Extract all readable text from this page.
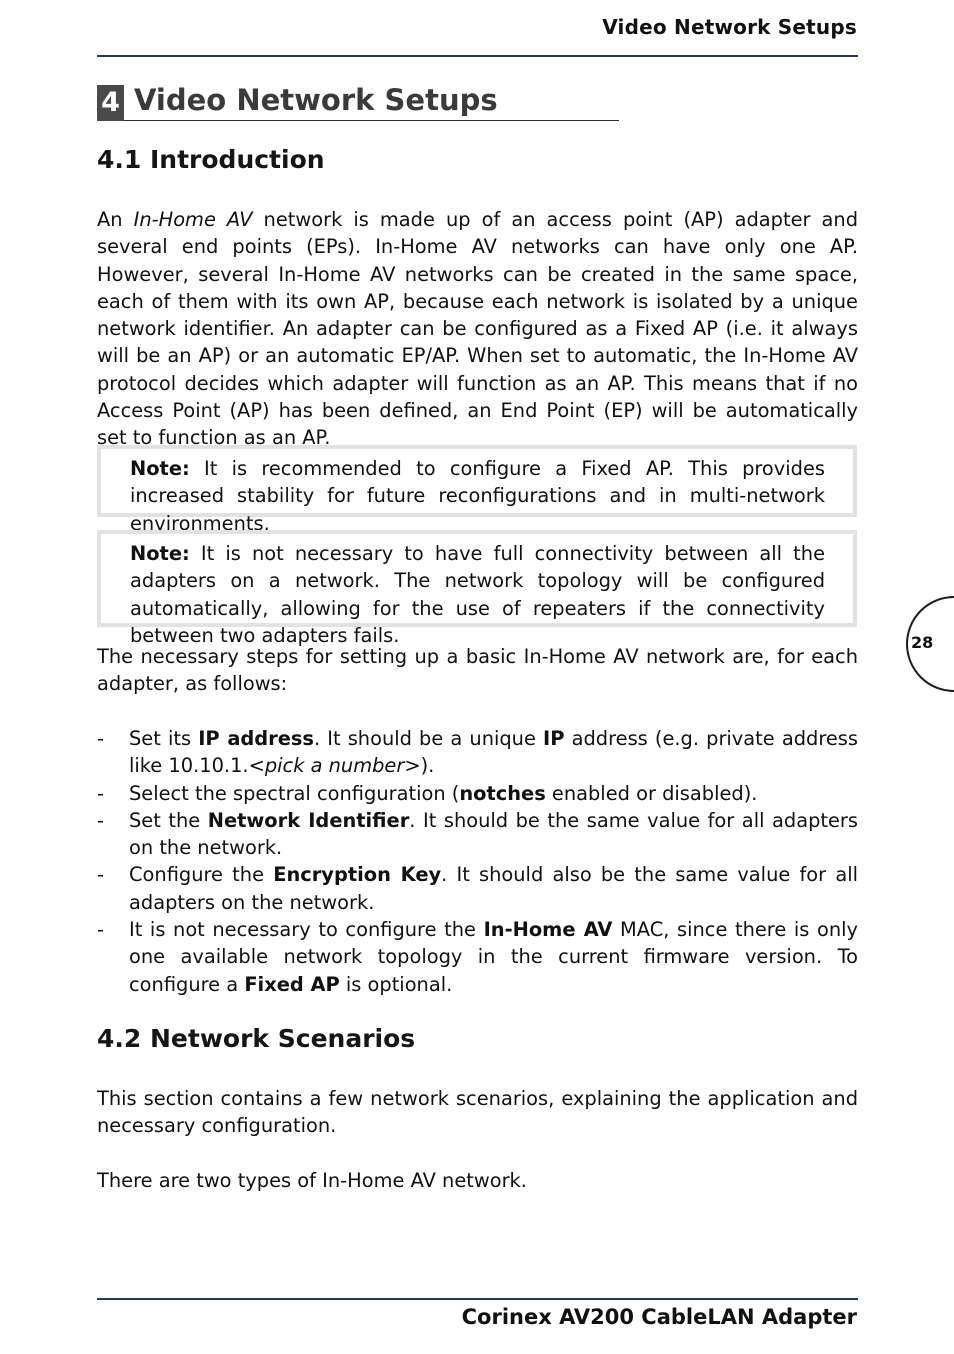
Video Network Setups
4 Video Network Setups
4.1 Introduction
An In-Home AV network is made up of an access point (AP) adapter and several end points (EPs). In-Home AV networks can have only one AP. However, several In-Home AV networks can be created in the same space, each of them with its own AP, because each network is isolated by a unique network identifier. An adapter can be configured as a Fixed AP (i.e. it always will be an AP) or an automatic EP/AP. When set to automatic, the In-Home AV protocol decides which adapter will function as an AP. This means that if no Access Point (AP) has been defined, an End Point (EP) will be automatically set to function as an AP.
Note: It is recommended to configure a Fixed AP. This provides increased stability for future reconfigurations and in multi-network environments.
Note: It is not necessary to have full connectivity between all the adapters on a network. The network topology will be configured automatically, allowing for the use of repeaters if the connectivity between two adapters fails.
The necessary steps for setting up a basic In-Home AV network are, for each adapter, as follows:
- Set its IP address. It should be a unique IP address (e.g. private address like 10.10.1.<pick a number>).
- Select the spectral configuration (notches enabled or disabled).
- Set the Network Identifier. It should be the same value for all adapters on the network.
- Configure the Encryption Key. It should also be the same value for all adapters on the network.
- It is not necessary to configure the In-Home AV MAC, since there is only one available network topology in the current firmware version. To configure a Fixed AP is optional.
4.2 Network Scenarios
This section contains a few network scenarios, explaining the application and necessary configuration.
There are two types of In-Home AV network.
28
Corinex AV200 CableLAN Adapter
